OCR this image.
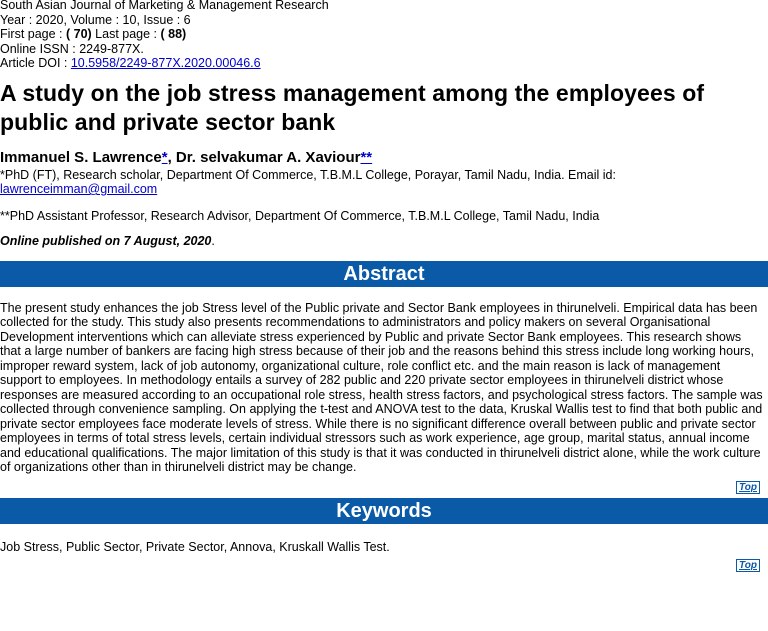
South Asian Journal of Marketing & Management Research
Year : 2020, Volume : 10, Issue : 6
First page : ( 70) Last page : ( 88)
Online ISSN : 2249-877X.
Article DOI : 10.5958/2249-877X.2020.00046.6
A study on the job stress management among the employees of public and private sector bank
Immanuel S. Lawrence*, Dr. selvakumar A. Xaviour**
*PhD (FT), Research scholar, Department Of Commerce, T.B.M.L College, Porayar, Tamil Nadu, India. Email id: lawrenceimman@gmail.com
**PhD Assistant Professor, Research Advisor, Department Of Commerce, T.B.M.L College, Tamil Nadu, India
Online published on 7 August, 2020.
Abstract
The present study enhances the job Stress level of the Public private and Sector Bank employees in thirunelveli. Empirical data has been collected for the study. This study also presents recommendations to administrators and policy makers on several Organisational Development interventions which can alleviate stress experienced by Public and private Sector Bank employees. This research shows that a large number of bankers are facing high stress because of their job and the reasons behind this stress include long working hours, improper reward system, lack of job autonomy, organizational culture, role conflict etc. and the main reason is lack of management support to employees. In methodology entails a survey of 282 public and 220 private sector employees in thirunelveli district whose responses are measured according to an occupational role stress, health stress factors, and psychological stress factors. The sample was collected through convenience sampling. On applying the t-test and ANOVA test to the data, Kruskal Wallis test to find that both public and private sector employees face moderate levels of stress. While there is no significant difference overall between public and private sector employees in terms of total stress levels, certain individual stressors such as work experience, age group, marital status, annual income and educational qualifications. The major limitation of this study is that it was conducted in thirunelveli district alone, while the work culture of organizations other than in thirunelveli district may be change.
Top
Keywords
Job Stress, Public Sector, Private Sector, Annova, Kruskall Wallis Test.
Top
